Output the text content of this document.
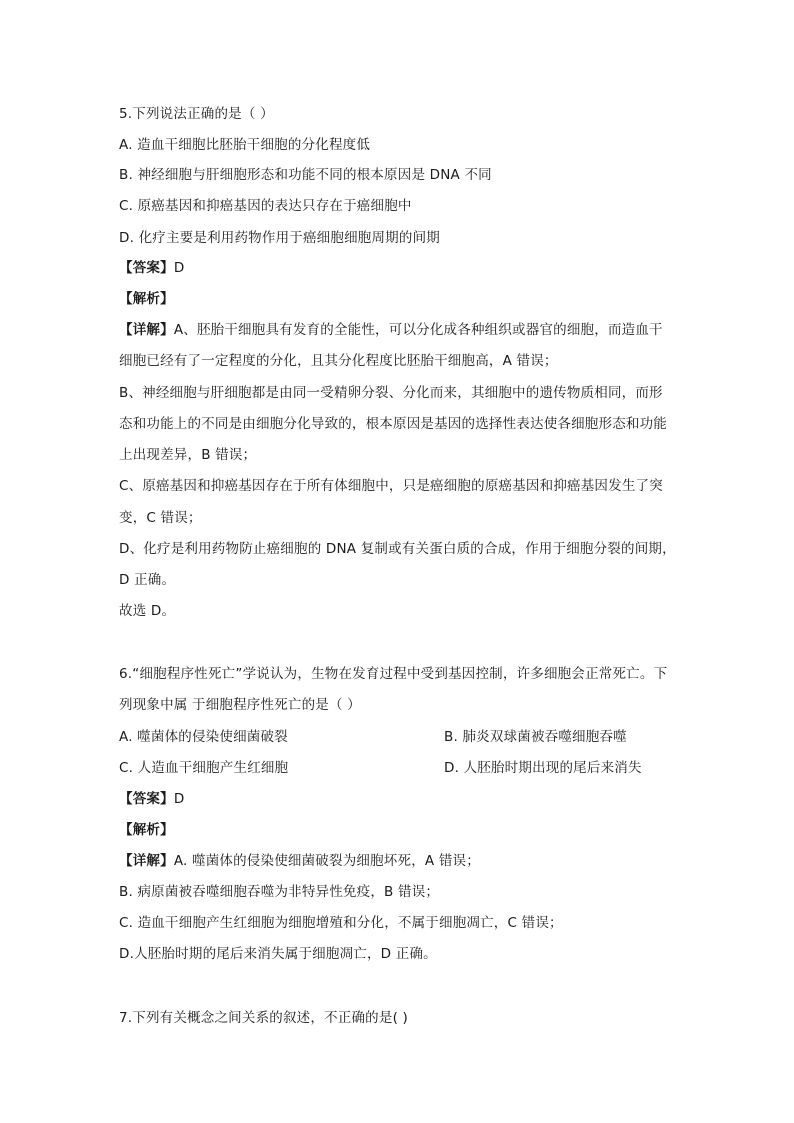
5.下列说法正确的是（ ）
A. 造血干细胞比胚胎干细胞的分化程度低
B. 神经细胞与肝细胞形态和功能不同的根本原因是 DNA 不同
C. 原癌基因和抑癌基因的表达只存在于癌细胞中
D. 化疗主要是利用药物作用于癌细胞细胞周期的间期
【答案】D
【解析】
【详解】A、胚胎干细胞具有发育的全能性，可以分化成各种组织或器官的细胞，而造血干
细胞已经有了一定程度的分化，且其分化程度比胚胎干细胞高，A 错误；
B、神经细胞与肝细胞都是由同一受精卵分裂、分化而来，其细胞中的遗传物质相同，而形
态和功能上的不同是由细胞分化导致的，根本原因是基因的选择性表达使各细胞形态和功能
上出现差异，B 错误；
C、原癌基因和抑癌基因存在于所有体细胞中，只是癌细胞的原癌基因和抑癌基因发生了突
变，C 错误；
D、化疗是利用药物防止癌细胞的 DNA 复制或有关蛋白质的合成，作用于细胞分裂的间期，
D 正确。
故选 D。
6.“细胞程序性死亡”学说认为，生物在发育过程中受到基因控制，许多细胞会正常死亡。下
列现象中属 于细胞程序性死亡的是（ ）
A. 噬菌体的侵染使细菌破裂	B. 肺炎双球菌被吞噬细胞吞噬
C. 人造血干细胞产生红细胞	D. 人胚胎时期出现的尾后来消失
【答案】D
【解析】
【详解】A. 噬菌体的侵染使细菌破裂为细胞坏死，A 错误；
B. 病原菌被吞噬细胞吞噬为非特异性免疫，B 错误；
C. 造血干细胞产生红细胞为细胞增殖和分化，不属于细胞凋亡，C 错误；
D.人胚胎时期的尾后来消失属于细胞凋亡，D 正确。
7.下列有关概念之间关系的叙述，不正确的是( )
